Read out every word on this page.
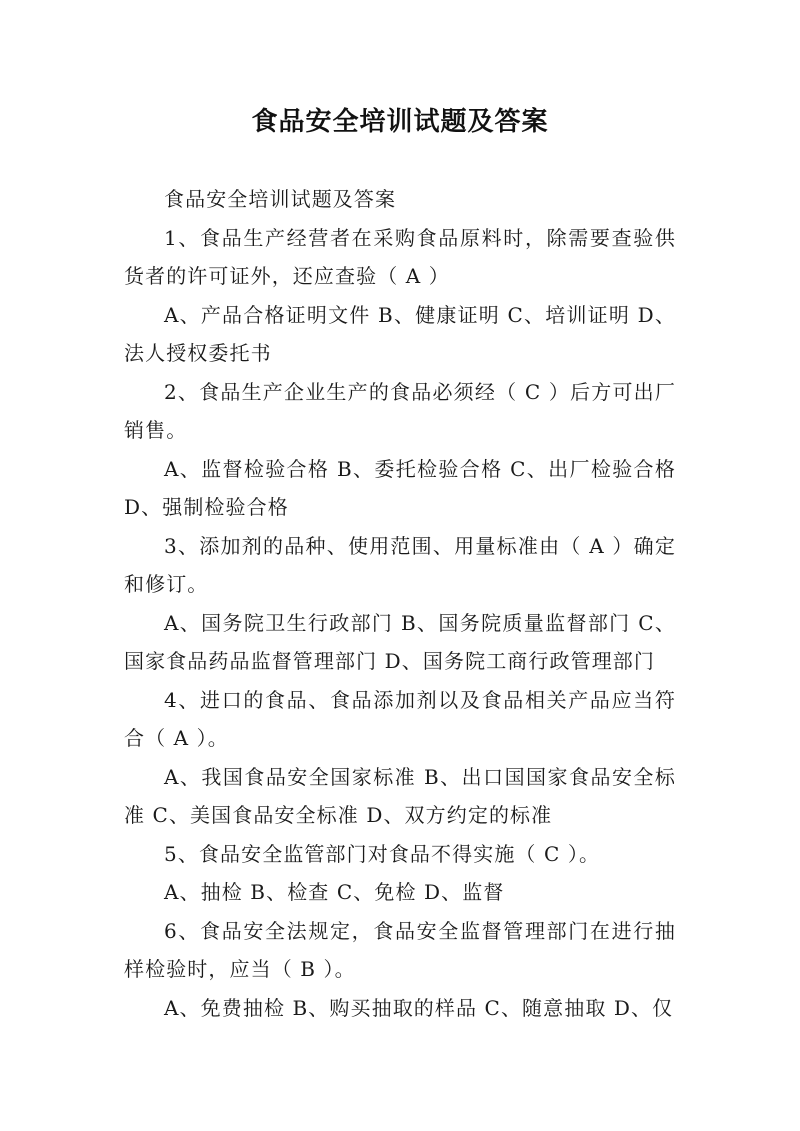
食品安全培训试题及答案

食品安全培训试题及答案

1、食品生产经营者在采购食品原料时，除需要查验供货者的许可证外，还应查验（ A ）

A、产品合格证明文件 B、健康证明 C、培训证明 D、法人授权委托书

2、食品生产企业生产的食品必须经（ C ）后方可出厂销售。

A、监督检验合格 B、委托检验合格 C、出厂检验合格 D、强制检验合格

3、添加剂的品种、使用范围、用量标准由（ A ）确定和修订。

A、国务院卫生行政部门 B、国务院质量监督部门 C、国家食品药品监督管理部门 D、国务院工商行政管理部门

4、进口的食品、食品添加剂以及食品相关产品应当符合（ A ）。

A、我国食品安全国家标准 B、出口国国家食品安全标准 C、美国食品安全标准 D、双方约定的标准

5、食品安全监管部门对食品不得实施（ C ）。

A、抽检 B、检查 C、免检 D、监督

6、食品安全法规定，食品安全监督管理部门在进行抽样检验时，应当（ B ）。

A、免费抽检 B、购买抽取的样品 C、随意抽取 D、仅
